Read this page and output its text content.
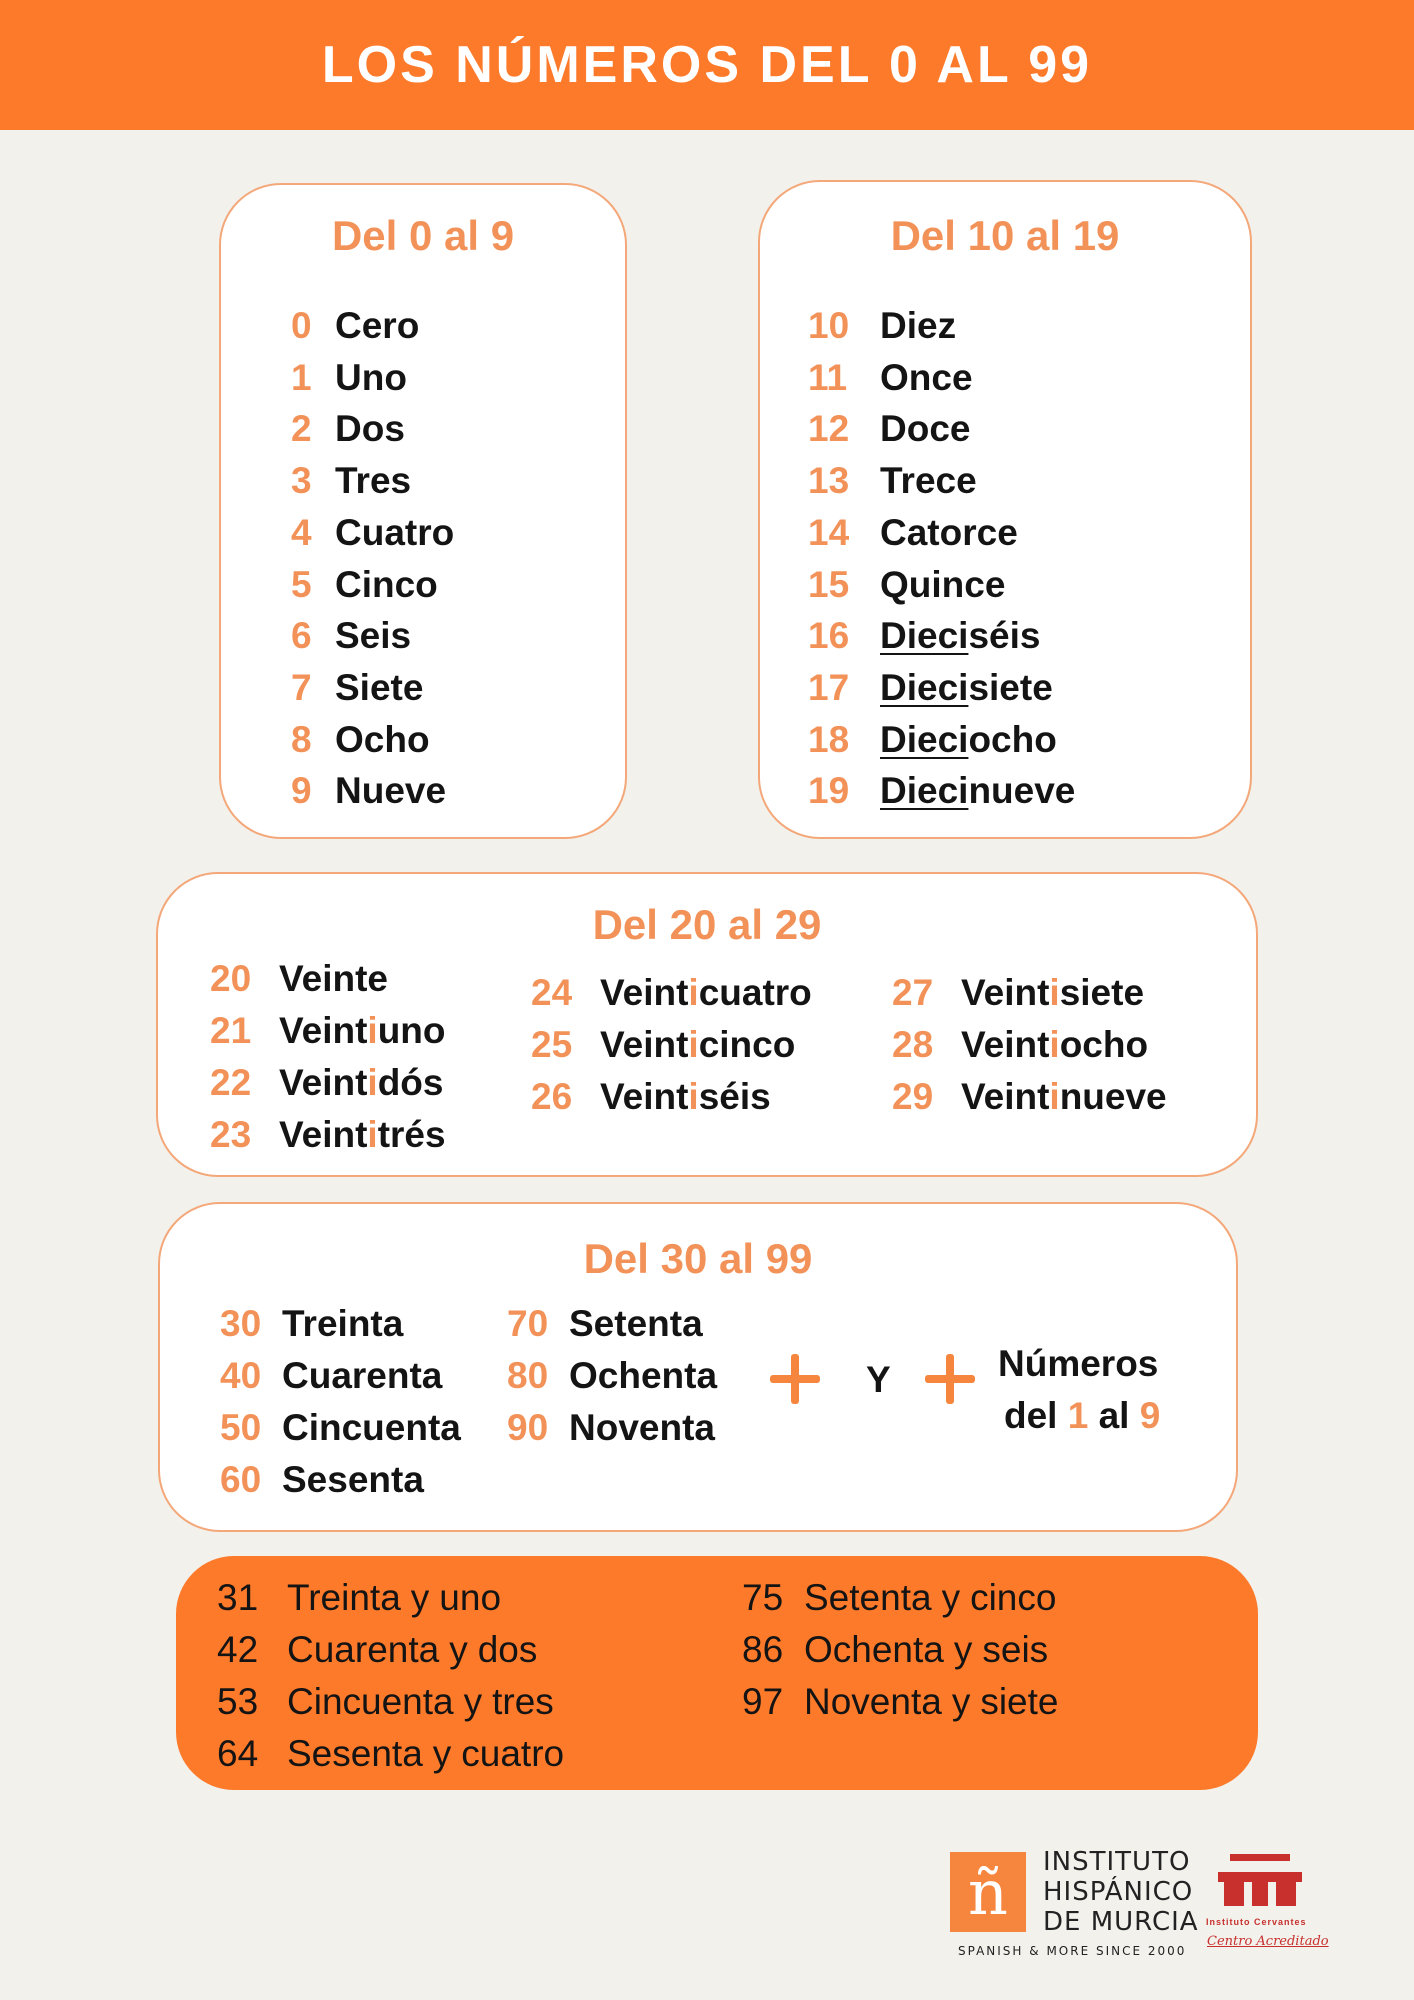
LOS NÚMEROS DEL 0 AL 99
Del 0 al 9
0 Cero
1 Uno
2 Dos
3 Tres
4 Cuatro
5 Cinco
6 Seis
7 Siete
8 Ocho
9 Nueve
Del 10 al 19
10 Diez
11 Once
12 Doce
13 Trece
14 Catorce
15 Quince
16 Dieciséis
17 Diecisiete
18 Dieciocho
19 Diecinueve
Del 20 al 29
20 Veinte
21 Veintiuno
22 Veintidós
23 Veintitrés
24 Veinticuatro
25 Veinticinco
26 Veintiséis
27 Veintisiete
28 Veintiocho
29 Veintinueve
Del 30 al 99
30 Treinta
40 Cuarenta
50 Cincuenta
60 Sesenta
70 Setenta
80 Ochenta
90 Noventa
Y	Números
del 1 al 9
31 Treinta y uno
42 Cuarenta y dos
53 Cincuenta y tres
64 Sesenta y cuatro
75 Setenta y cinco
86 Ochenta y seis
97 Noventa y siete
ñ	INSTITUTO
HISPÁNICO
DE MURCIA
SPANISH & MORE SINCE 2000
Instituto Cervantes
Centro Acreditado
